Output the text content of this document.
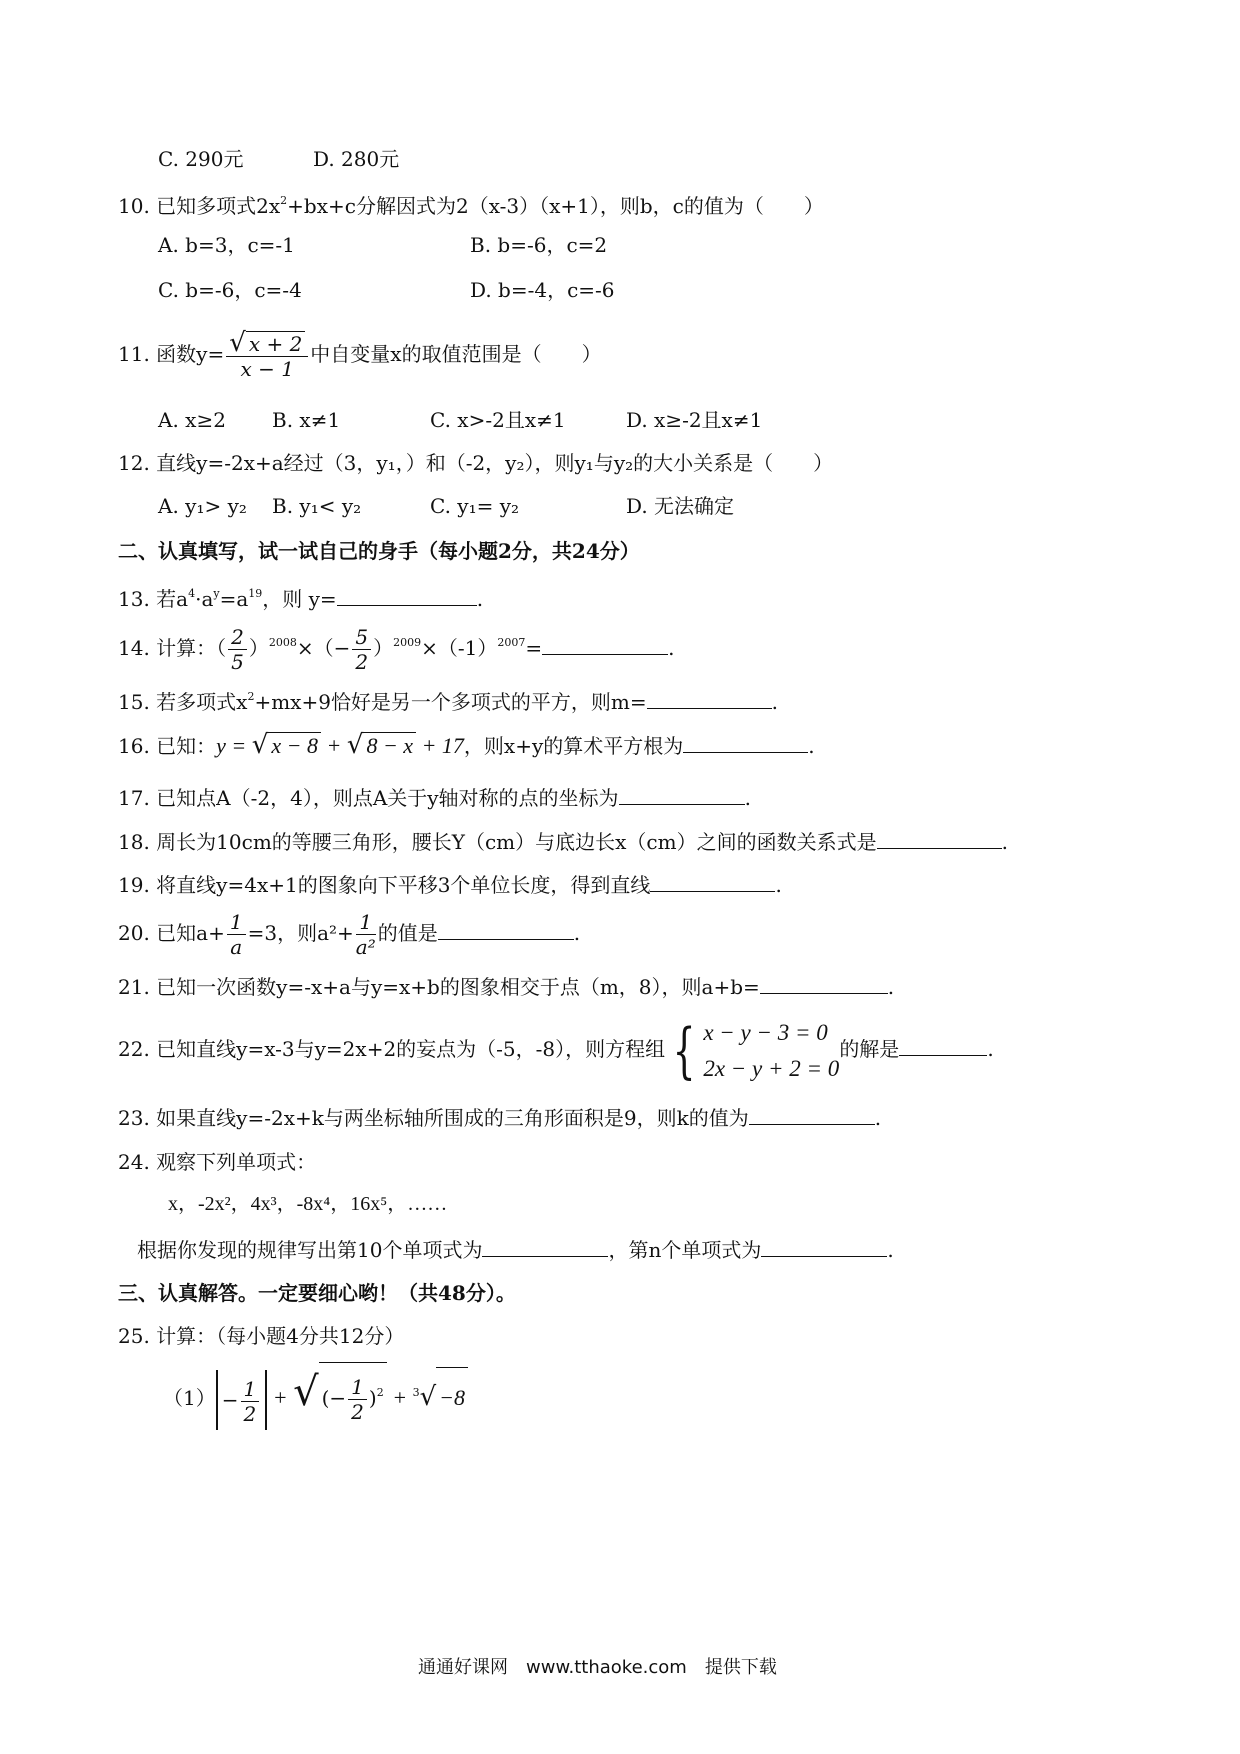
C. 290元	D. 280元
10. 已知多项式$2x^2+bx+c$分解因式为2（x-3）（x+1），则b，c的值为（　　）
A. b=3，c=-1	B. b=-6，c=2
C. b=-6，c=-4	D. b=-4，c=-6
11. 函数$y= \frac{√ x + 2}{x - 1}$ 中自变量x的取值范围是（　　）
A. x≥2 B. x≠1	C. x>-2且x≠1	D. x≥-2且x≠1
12. 直线y=-2x+a经过（3，y₁，）和（-2，y₂），则y₁与y₂的大小关系是（　　）
A. y₁> y₂ B. y₁< y₂	C. y₁= y₂	D. 无法确定
二、认真填写，试一试自己的身手（每小题2分，共24分）
13. 若$a^4\cdot a^y=a^{19}$，则 y=	.
14. 计算：（ $\frac{2}{5} )^{2008}\times(- \frac{5}{2} )^{2009}\times(-1)^{2007}=$	.
15. 若多项式$x^2+mx+9$恰好是另一个多项式的平方，则m=	.
16. 已知：y = √ x − 8 + √ 8 − x + 17，则x+y的算术平方根为	.
17. 已知点A（-2，4），则点A关于y轴对称的点的坐标为	.
18. 周长为10cm的等腰三角形，腰长Y（cm）与底边长x（cm）之间的函数关系式是	.
19. 将直线y=4x+1的图象向下平移3个单位长度，得到直线	.
20. 已知$a+ \frac{1}{a} =3$，则$a^2+ \frac{1}{\text{a²}}$ 的值是	.
21. 已知一次函数y=-x+a与y=x+b的图象相交于点（m，8），则a+b=	.
22. 已知直线y=x-3与y=2x+2的妄点为（-5，-8），则方程组 { x − y − 3 = 0
2x − y + 2 = 0
的解是	.
23. 如果直线y=-2x+k与两坐标轴所围成的三角形面积是9，则k的值为	.
24. 观察下列单项式：
x，-2x²，4x³，-8x⁴，16x⁵，……
根据你发现的规律写出第10个单项式为	，第n个单项式为	.
三、认真解答。一定要细心哟！（共48分）。
25. 计算：（每小题4分共12分）
$(1) - \frac{1}{2}$ + √ (− $\frac{1}{2} )^2 + ^3√ -8$
通通好课网　www.tthaoke.com　提供下载
